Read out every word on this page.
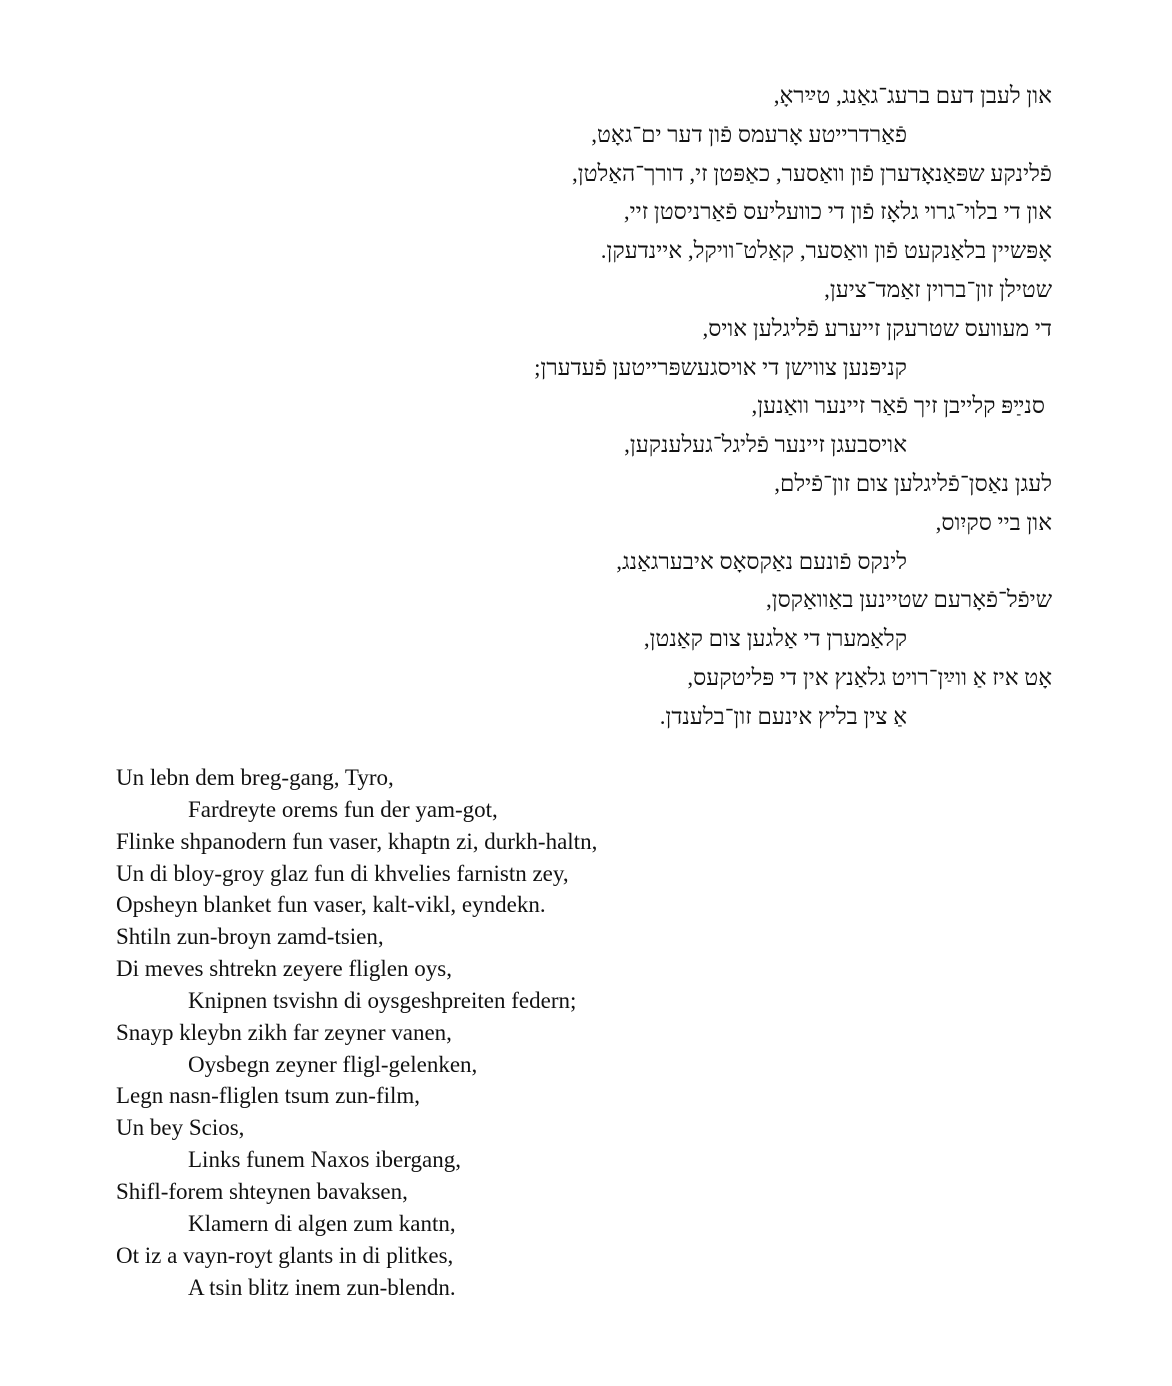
און לעבן דעם ברעג־גאַנג, טײַראָ,
פֿאַרדרייטע אָרעמס פֿון דער ים־גאָט,
פֿלינקע שפּאַנאָדערן פֿון וואַסער, כאַפּטן זי, דורך־האַלטן,
און די בלוי־גרוי גלאָז פֿון די כוועליעס פֿאַרניסטן זיי,
אָפּשיין בלאַנקעט פֿון וואַסער, קאַלט־וויקל, איינדעקן.
שטילן זון־ברוין זאַמד־ציען,
די מעוועס שטרעקן זייערע פֿליגלען אויס,
קניפּנען צווישן די אויסגעשפּרייטען פֿעדערן;
סנײַפּ קלייבן זיך פֿאַר זיינער וואַנען,
אויסבעגן זיינער פֿליגל־געלענקען,
לעגן נאַסן־פֿליגלען צום זון־פֿילם,
און ביי סקיִוס,
לינקס פֿונעם נאַקסאָס איבערגאַנג,
שיפֿל־פֿאָרעם שטיינען באַוואַקסן,
קלאַמערן די אַלגען צום קאַנטן,
אָט איז אַ ווײַן־רויט גלאַנץ אין די פּליטקעס,
אַ צין בליץ אינעם זון־בלענדן.
Un lebn dem breg-gang, Tyro,
Fardreyte orems fun der yam-got,
Flinke shpanodern fun vaser, khaptn zi, durkh-haltn,
Un di bloy-groy glaz fun di khvelies farnistn zey,
Opsheyn blanket fun vaser, kalt-vikl, eyndekn.
Shtiln zun-broyn zamd-tsien,
Di meves shtrekn zeyere fliglen oys,
Knipnen tsvishn di oysgeshpreiten federn;
Snayp kleybn zikh far zeyner vanen,
Oysbegn zeyner fligl-gelenken,
Legn nasn-fliglen tsum zun-film,
Un bey Scios,
Links funem Naxos ibergang,
Shifl-forem shteynen bavaksen,
Klamern di algen zum kantn,
Ot iz a vayn-royt glants in di plitkes,
A tsin blitz inem zun-blendn.
